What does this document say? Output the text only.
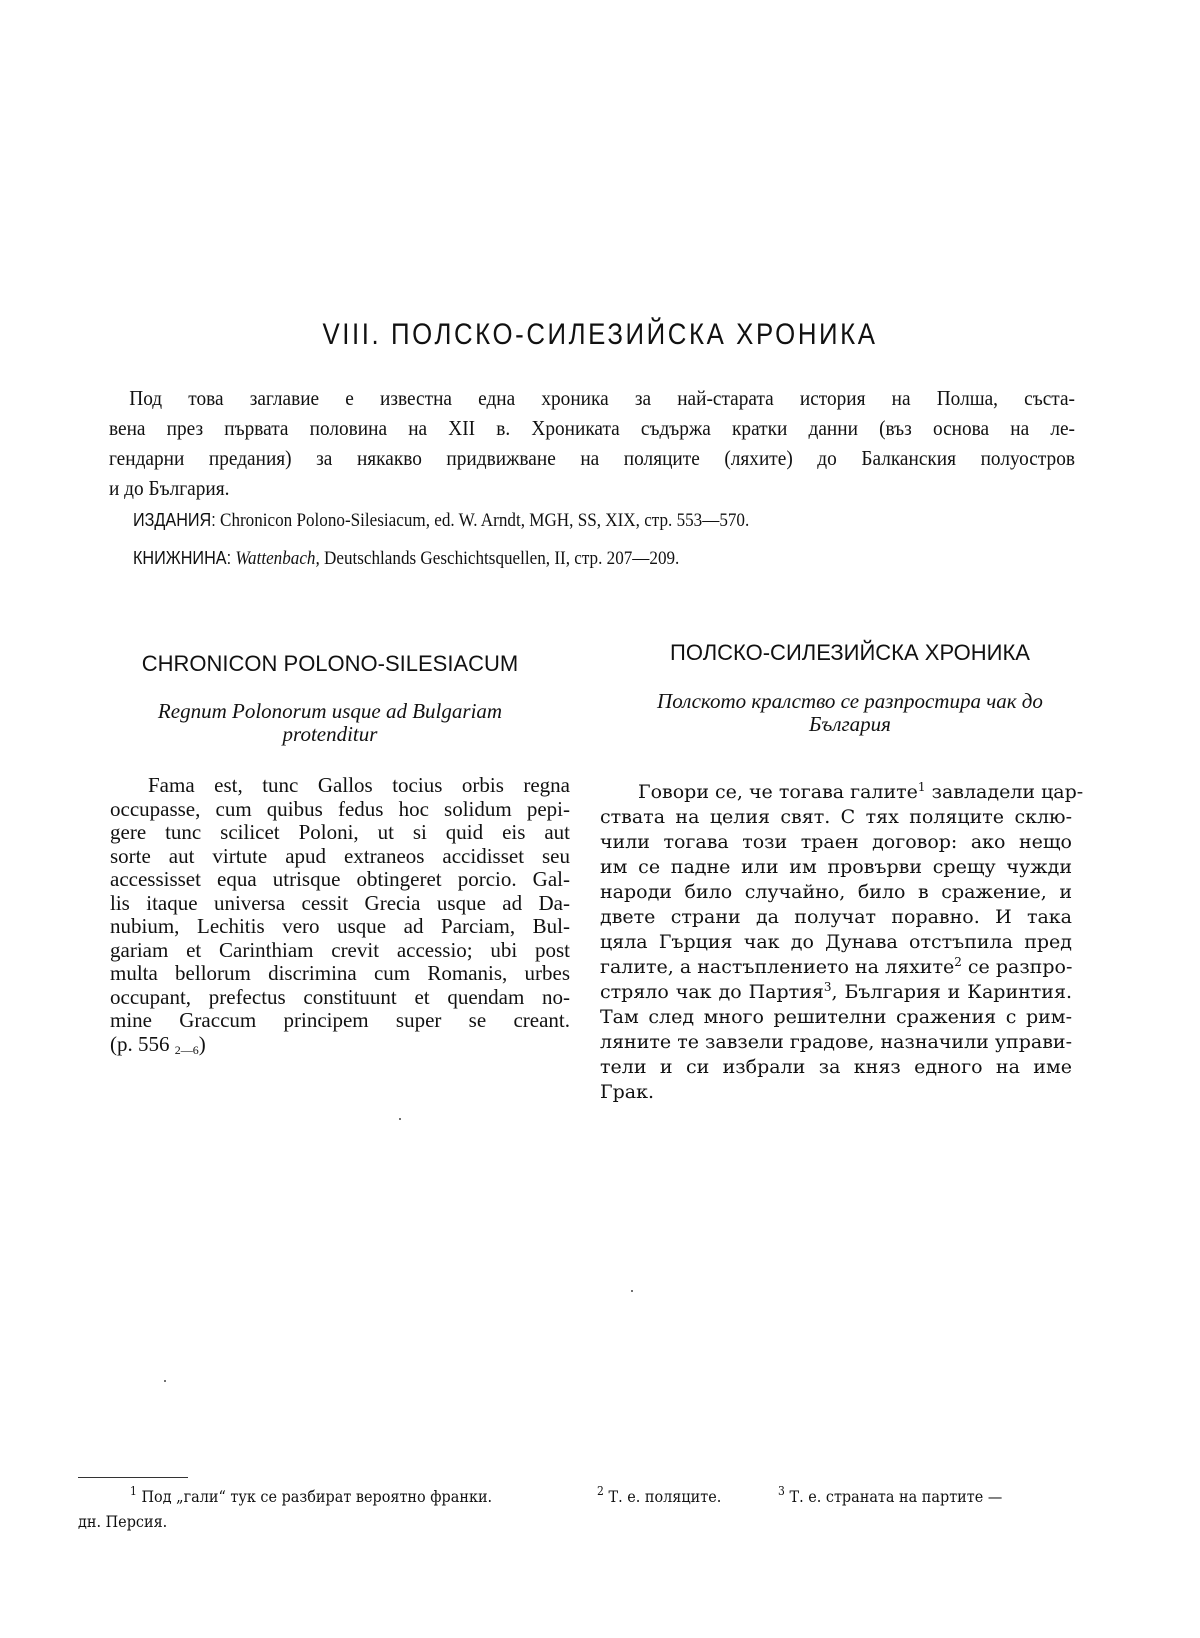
VIII. ПОЛСКО-СИЛЕЗИЙСКА ХРОНИКА
Под това заглавие е известна една хроника за най-старата история на Полша, съста-
вена през първата половина на XII в. Хрониката съдържа кратки данни (въз основа на ле-
гендарни предания) за някакво придвижване на поляците (ляхите) до Балканския полуостров
и до България.
ИЗДАНИЯ: Chronicon Polono-Silesiacum, ed. W. Arndt, MGH, SS, XIX, стр. 553—570.
КНИЖНИНА: Wattenbach, Deutschlands Geschichtsquellen, II, стр. 207—209.
CHRONICON POLONO-SILESIACUM
Regnum Polonorum usque ad Bulgariam
protenditur
Fama est, tunc Gallos tocius orbis regna
occupasse, cum quibus fedus hoc solidum pepi-
gere tunc scilicet Poloni, ut si quid eis aut
sorte aut virtute apud extraneos accidisset seu
accessisset equa utrisque obtingeret porcio. Gal-
lis itaque universa cessit Grecia usque ad Da-
nubium, Lechitis vero usque ad Parciam, Bul-
gariam et Carinthiam crevit accessio; ubi post
multa bellorum discrimina cum Romanis, urbes
occupant, prefectus constituunt et quendam no-
mine Graccum principem super se creant.
(p. 556 $_{2—6}$)
ПОЛСКО-СИЛЕЗИЙСКА ХРОНИКА
Полското кралство се разпростира чак до
България
Говори се, че тогава галите$^1$ завладели цар-
ствата на целия свят. С тях поляците склю-
чили тогава този траен договор: ако нещо
им се падне или им провърви срещу чужди
народи било случайно, било в сражение, и
двете страни да получат поравно. И така
цяла Гърция чак до Дунава отстъпила пред
галите, а настъплението на ляхите$^2$ се разпро-
стряло чак до Партия$^3$, България и Каринтия.
Там след много решителни сражения с рим-
ляните те завзели градове, назначили управи-
тели и си избрали за княз едного на име
Грак.
$^1$ Под „гали“ тук се разбират вероятно франки.
дн. Персия.
$^2$ Т. е. поляците.	$^3$ Т. е. страната на партите —
